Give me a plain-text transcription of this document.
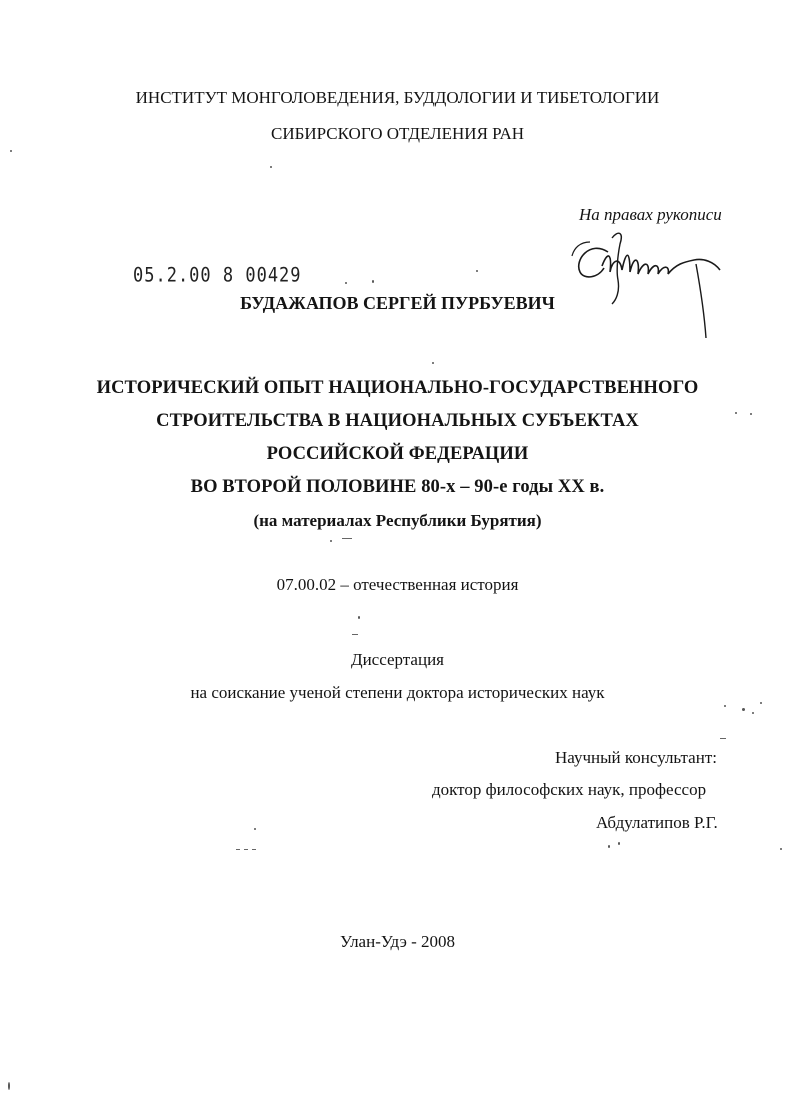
ИНСТИТУТ МОНГОЛОВЕДЕНИЯ, БУДДОЛОГИИ И ТИБЕТОЛОГИИ
СИБИРСКОГО ОТДЕЛЕНИЯ РАН
На правах рукописи
05.2.00 8 00429
БУДАЖАПОВ СЕРГЕЙ ПУРБУЕВИЧ
ИСТОРИЧЕСКИЙ ОПЫТ НАЦИОНАЛЬНО-ГОСУДАРСТВЕННОГО
СТРОИТЕЛЬСТВА В НАЦИОНАЛЬНЫХ СУБЪЕКТАХ
РОССИЙСКОЙ ФЕДЕРАЦИИ
ВО ВТОРОЙ ПОЛОВИНЕ 80-х – 90-е годы XX в.
(на материалах Республики Бурятия)
07.00.02 – отечественная история
Диссертация
на соискание ученой степени доктора исторических наук
Научный консультант:
доктор философских наук, профессор
Абдулатипов Р.Г.
Улан-Удэ - 2008
